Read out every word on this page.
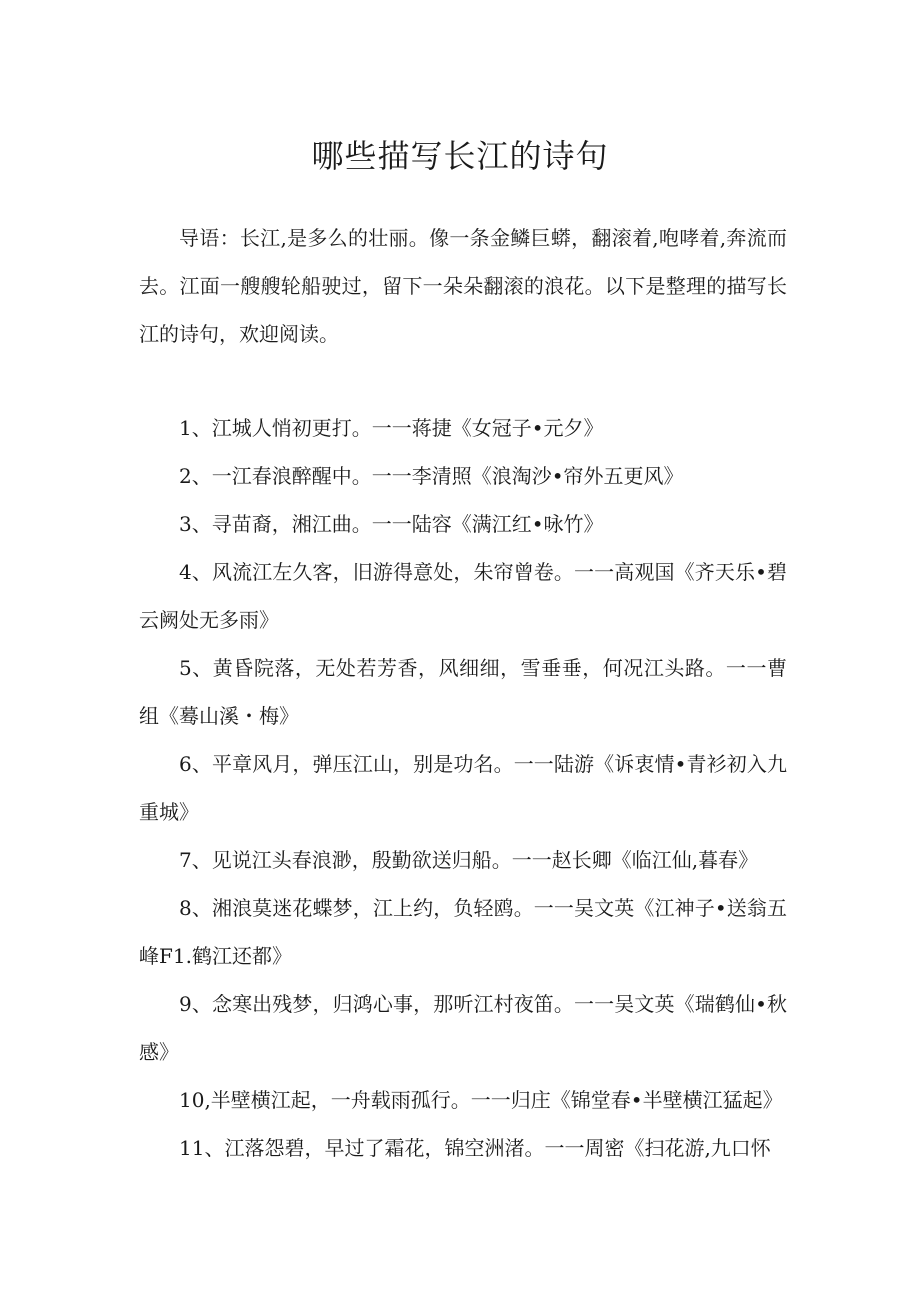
哪些描写长江的诗句

导语：长江,是多么的壮丽。像一条金鳞巨蟒，翻滚着,咆哮着,奔流而去。江面一艘艘轮船驶过，留下一朵朵翻滚的浪花。以下是整理的描写长江的诗句，欢迎阅读。

1、江城人悄初更打。一一蒋捷《女冠子•元夕》
2、一江春浪醉醒中。一一李清照《浪淘沙•帘外五更风》
3、寻苗裔，湘江曲。一一陆容《满江红•咏竹》
4、风流江左久客，旧游得意处，朱帘曾卷。一一高观国《齐天乐•碧云阙处无多雨》
5、黄昏院落，无处若芳香，风细细，雪垂垂，何况江头路。一一曹组《蓦山溪・梅》
6、平章风月，弹压江山，别是功名。一一陆游《诉衷情•青衫初入九重城》
7、见说江头春浪渺，殷勤欲送归船。一一赵长卿《临江仙,暮春》
8、湘浪莫迷花蝶梦，江上约，负轻鸥。一一吴文英《江神子•送翁五峰F1.鹤江还都》
9、念寒出残梦，归鸿心事，那听江村夜笛。一一吴文英《瑞鹤仙•秋感》
10,半壁横江起，一舟载雨孤行。一一归庄《锦堂春•半壁横江猛起》
11、江落怨碧，早过了霜花，锦空洲渚。一一周密《扫花游,九口怀
